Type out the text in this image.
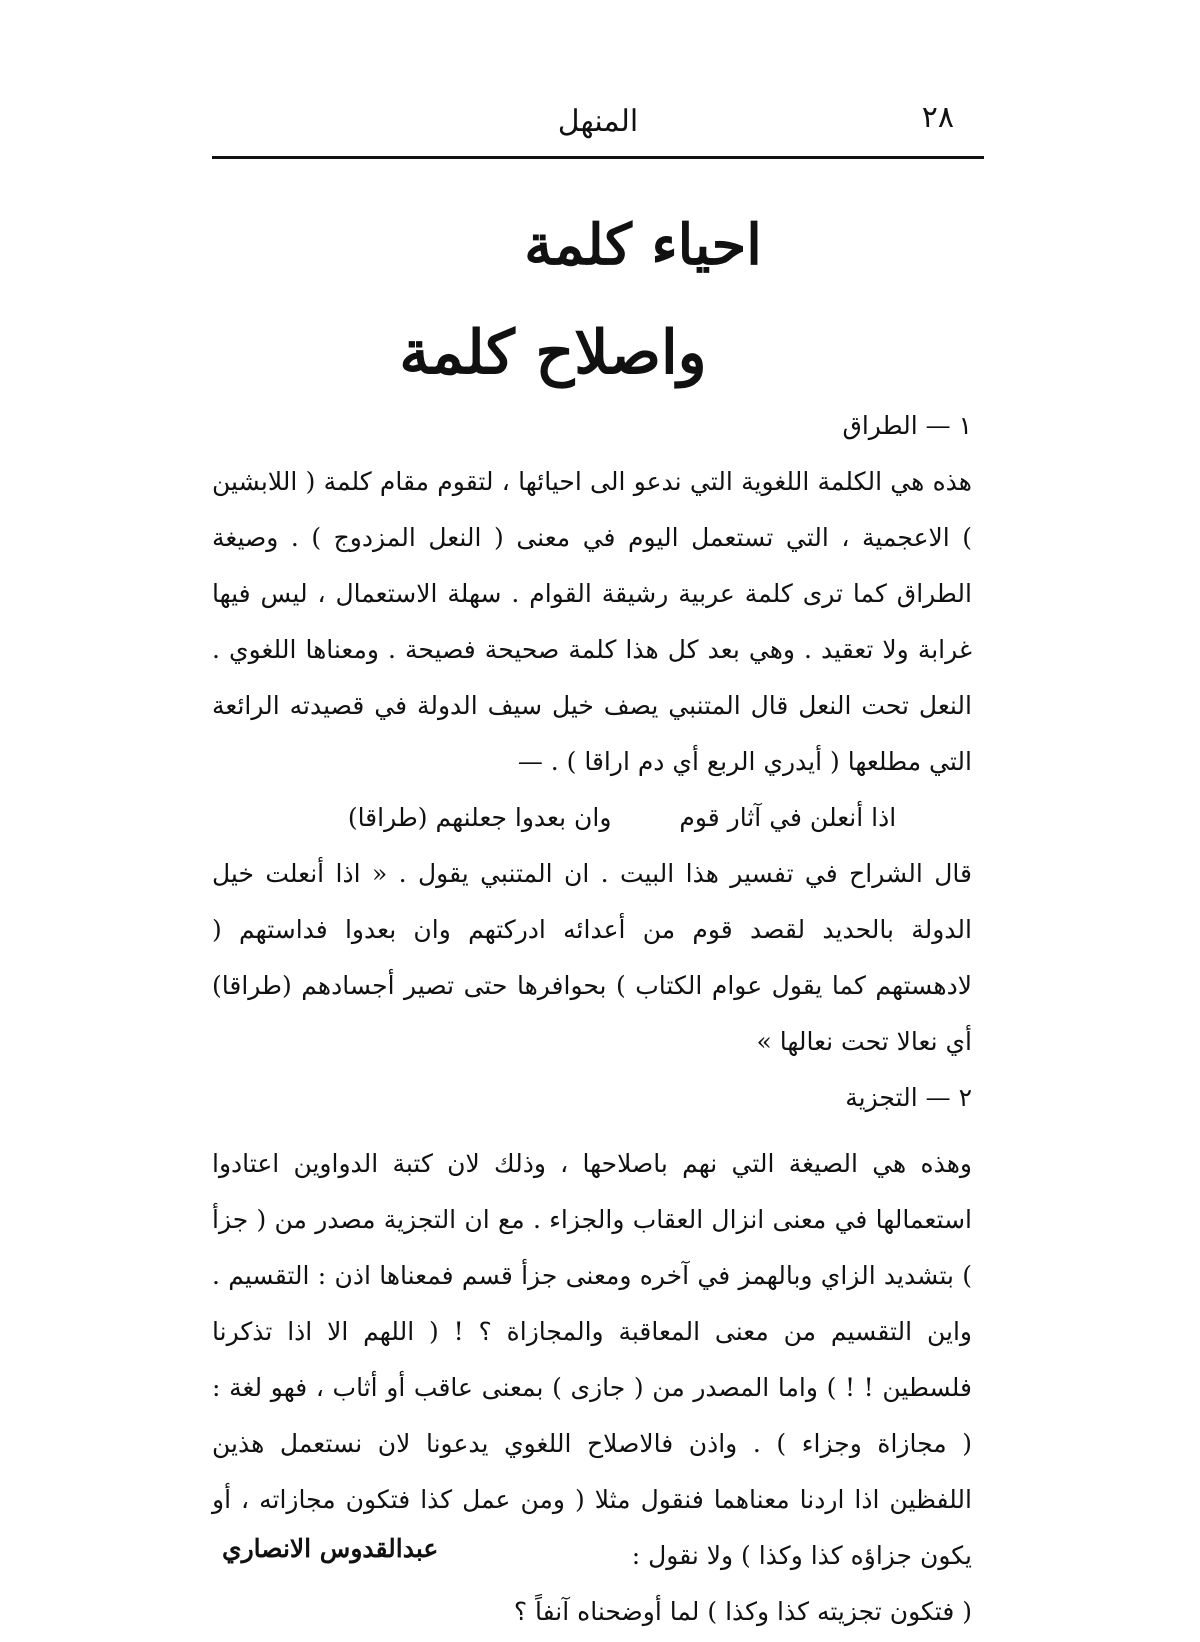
٢٨
المنهل
احياء كلمة
واصلاح كلمة

١ — الطراق

هذه هي الكلمة اللغوية التي ندعو الى احيائها ، لتقوم مقام كلمة ( اللابشين ) الاعجمية ، التي تستعمل اليوم في معنى ( النعل المزدوج ) . وصيغة الطراق كما ترى كلمة عربية رشيقة القوام . سهلة الاستعمال ، ليس فيها غرابة ولا تعقيد . وهي بعد كل هذا كلمة صحيحة فصيحة . ومعناها اللغوي . النعل تحت النعل قال المتنبي يصف خيل سيف الدولة في قصيدته الرائعة التي مطلعها ( أيدري الربع أي دم اراقا ) . —

اذا أنعلن في آثار قوم وان بعدوا جعلنهم (طراقا)

قال الشراح في تفسير هذا البيت . ان المتنبي يقول . « اذا أنعلت خيل الدولة بالحديد لقصد قوم من أعدائه ادركتهم وان بعدوا فداستهم ( لادهستهم كما يقول عوام الكتاب ) بحوافرها حتى تصير أجسادهم (طراقا) أي نعالا تحت نعالها »

٢ — التجزية

وهذه هي الصيغة التي نهم باصلاحها ، وذلك لان كتبة الدواوين اعتادوا استعمالها في معنى انزال العقاب والجزاء . مع ان التجزية مصدر من ( جزأ ) بتشديد الزاي وبالهمز في آخره ومعنى جزأ قسم فمعناها اذن : التقسيم . واين التقسيم من معنى المعاقبة والمجازاة ؟ ! ( اللهم الا اذا تذكرنا فلسطين ! ! ) واما المصدر من ( جازى ) بمعنى عاقب أو أثاب ، فهو لغة : ( مجازاة وجزاء ) . واذن فالاصلاح اللغوي يدعونا لان نستعمل هذين اللفظين اذا اردنا معناهما فنقول مثلا ( ومن عمل كذا فتكون مجازاته ، أو يكون جزاؤه كذا وكذا ) ولا نقول :

( فتكون تجزيته كذا وكذا ) لما أوضحناه آنفاً ؟

عبدالقدوس الانصاري
